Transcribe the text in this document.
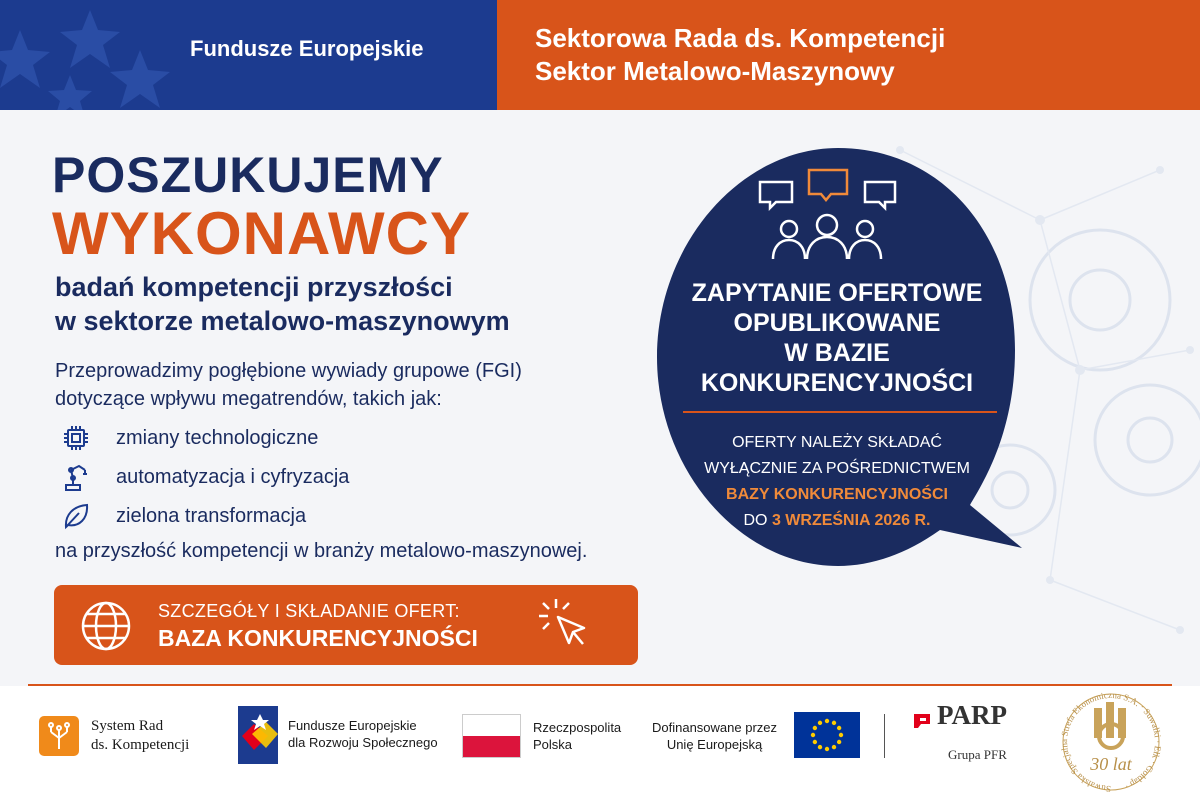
Fundusze Europejskie	Sektorowa Rada ds. Kompetencji
Sektor Metalowo-Maszynowy
POSZUKUJEMY
WYKONAWCY
badań kompetencji przyszłości
w sektorze metalowo-maszynowym
Przeprowadzimy pogłębione wywiady grupowe (FGI)
dotyczące wpływu megatrendów, takich jak:
zmiany technologiczne
automatyzacja i cyfryzacja
zielona transformacja
na przyszłość kompetencji w branży metalowo-maszynowej.
SZCZEGÓŁY I SKŁADANIE OFERT:
BAZA KONKURENCYJNOŚCI
ZAPYTANIE OFERTOWE
OPUBLIKOWANE
W BAZIE
KONKURENCYJNOŚCI
OFERTY NALEŻY SKŁADAĆ
WYŁĄCZNIE ZA POŚREDNICTWEM
BAZY KONKURENCYJNOŚCI
DO 3 WRZEŚNIA 2026 R.
System Rad
ds. Kompetencji
Fundusze Europejskie
dla Rozwoju Społecznego
Rzeczpospolita
Polska
Dofinansowane przez
Unię Europejską
PARP
Grupa PFR
Suwalska Specjalna Strefa Ekonomiczna S.A. · Suwałki · Ełk · Gołdap ·
30 lat
